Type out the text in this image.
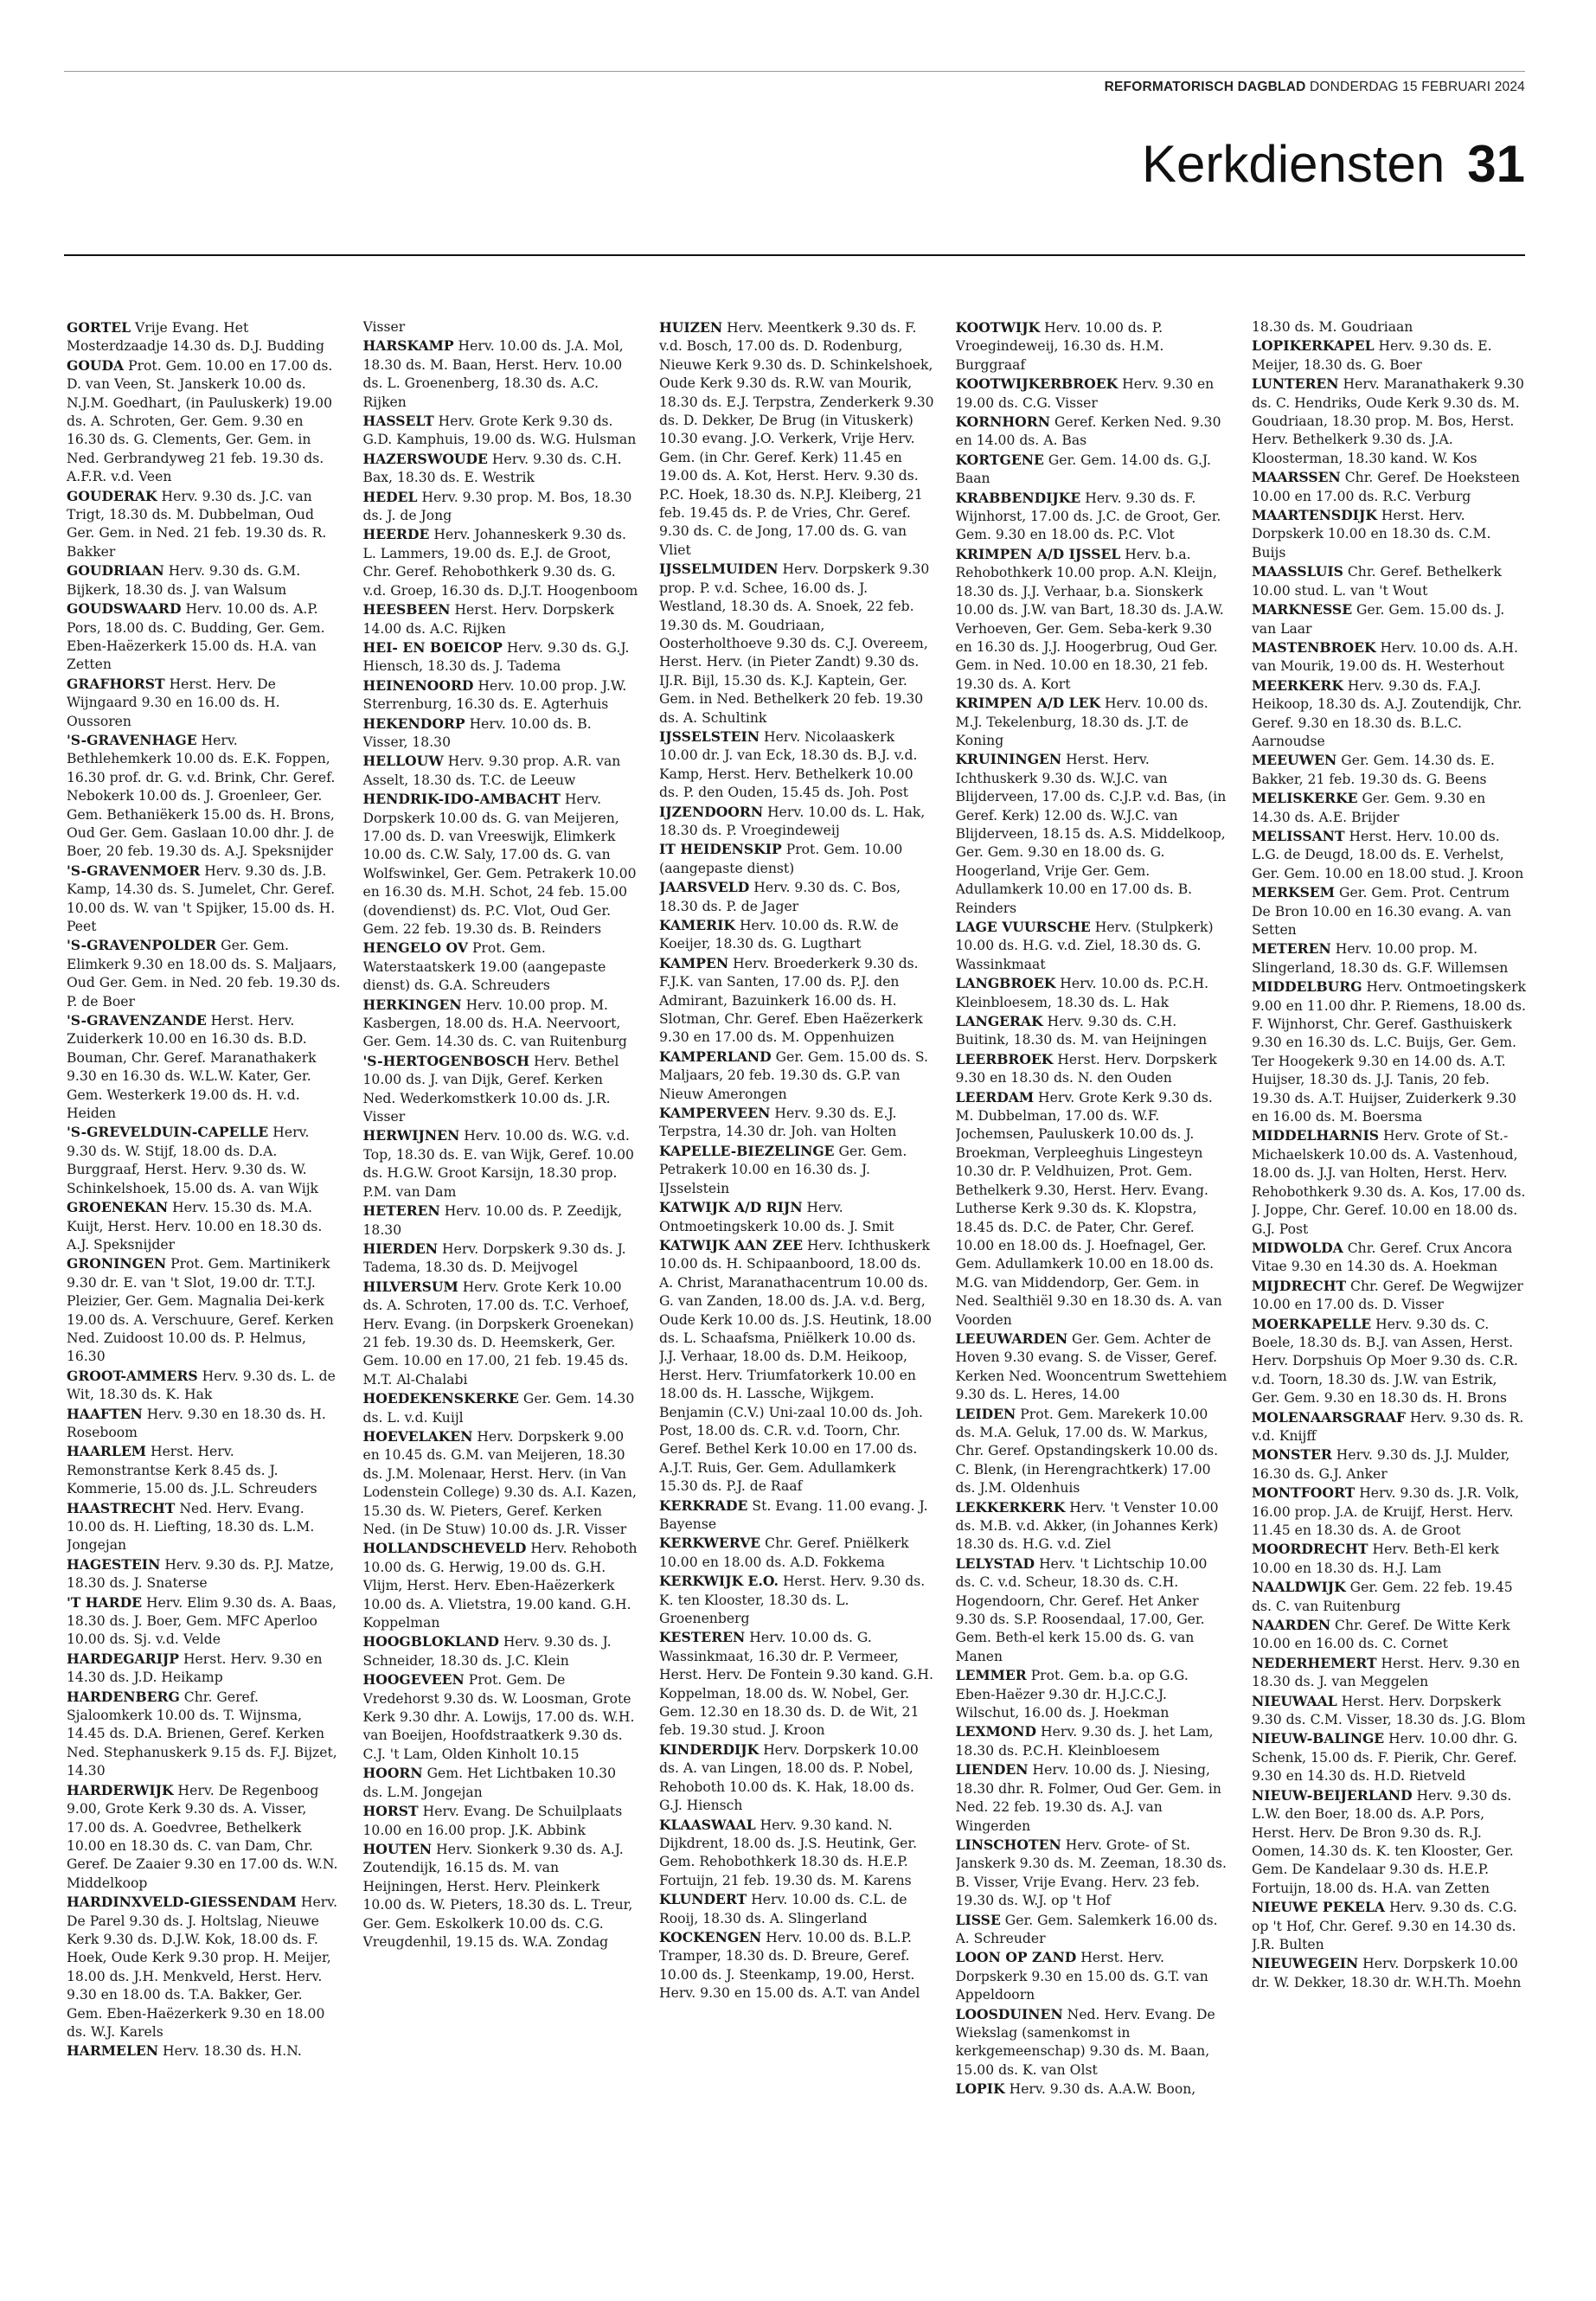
REFORMATORISCH DAGBLAD DONDERDAG 15 FEBRUARI 2024
Kerkdiensten 31

GORTEL Vrije Evang. Het Mosterdzaadje 14.30 ds. D.J. Budding

GOUDA Prot. Gem. 10.00 en 17.00 ds. D. van Veen, St. Janskerk 10.00 ds. N.J.M. Goedhart, (in Pauluskerk) 19.00 ds. A. Schroten, Ger. Gem. 9.30 en 16.30 ds. G. Clements, Ger. Gem. in Ned. Gerbrandyweg 21 feb. 19.30 ds. A.F.R. v.d. Veen

GOUDERAK Herv. 9.30 ds. J.C. van Trigt, 18.30 ds. M. Dubbelman, Oud Ger. Gem. in Ned. 21 feb. 19.30 ds. R. Bakker

GOUDRIAAN Herv. 9.30 ds. G.M. Bijkerk, 18.30 ds. J. van Walsum

GOUDSWAARD Herv. 10.00 ds. A.P. Pors, 18.00 ds. C. Budding, Ger. Gem. Eben-Haëzerkerk 15.00 ds. H.A. van Zetten

GRAFHORST Herst. Herv. De Wijngaard 9.30 en 16.00 ds. H. Oussoren

'S-GRAVENHAGE Herv. Bethlehemkerk 10.00 ds. E.K. Foppen, 16.30 prof. dr. G. v.d. Brink, Chr. Geref. Nebokerk 10.00 ds. J. Groenleer, Ger. Gem. Bethaniëkerk 15.00 ds. H. Brons, Oud Ger. Gem. Gaslaan 10.00 dhr. J. de Boer, 20 feb. 19.30 ds. A.J. Speksnijder

'S-GRAVENMOER Herv. 9.30 ds. J.B. Kamp, 14.30 ds. S. Jumelet, Chr. Geref. 10.00 ds. W. van 't Spijker, 15.00 ds. H. Peet

'S-GRAVENPOLDER Ger. Gem. Elimkerk 9.30 en 18.00 ds. S. Maljaars, Oud Ger. Gem. in Ned. 20 feb. 19.30 ds. P. de Boer

'S-GRAVENZANDE Herst. Herv. Zuiderkerk 10.00 en 16.30 ds. B.D. Bouman, Chr. Geref. Maranathakerk 9.30 en 16.30 ds. W.L.W. Kater, Ger. Gem. Westerkerk 19.00 ds. H. v.d. Heiden

'S-GREVELDUIN-CAPELLE Herv. 9.30 ds. W. Stijf, 18.00 ds. D.A. Burggraaf, Herst. Herv. 9.30 ds. W. Schinkelshoek, 15.00 ds. A. van Wijk

GROENEKAN Herv. 15.30 ds. M.A. Kuijt, Herst. Herv. 10.00 en 18.30 ds. A.J. Speksnijder

GRONINGEN Prot. Gem. Martinikerk 9.30 dr. E. van 't Slot, 19.00 dr. T.T.J. Pleizier, Ger. Gem. Magnalia Dei-kerk 19.00 ds. A. Verschuure, Geref. Kerken Ned. Zuidoost 10.00 ds. P. Helmus, 16.30

GROOT-AMMERS Herv. 9.30 ds. L. de Wit, 18.30 ds. K. Hak

HAAFTEN Herv. 9.30 en 18.30 ds. H. Roseboom

HAARLEM Herst. Herv. Remonstrantse Kerk 8.45 ds. J. Kommerie, 15.00 ds. J.L. Schreuders

HAASTRECHT Ned. Herv. Evang. 10.00 ds. H. Liefting, 18.30 ds. L.M. Jongejan

HAGESTEIN Herv. 9.30 ds. P.J. Matze, 18.30 ds. J. Snaterse

'T HARDE Herv. Elim 9.30 ds. A. Baas, 18.30 ds. J. Boer, Gem. MFC Aperloo 10.00 ds. Sj. v.d. Velde

HARDEGARIJP Herst. Herv. 9.30 en 14.30 ds. J.D. Heikamp

HARDENBERG Chr. Geref. Sjaloomkerk 10.00 ds. T. Wijnsma, 14.45 ds. D.A. Brienen, Geref. Kerken Ned. Stephanuskerk 9.15 ds. F.J. Bijzet, 14.30

HARDERWIJK Herv. De Regenboog 9.00, Grote Kerk 9.30 ds. A. Visser, 17.00 ds. A. Goedvree, Bethelkerk 10.00 en 18.30 ds. C. van Dam, Chr. Geref. De Zaaier 9.30 en 17.00 ds. W.N. Middelkoop

HARDINXVELD-GIESSENDAM Herv. De Parel 9.30 ds. J. Holtslag, Nieuwe Kerk 9.30 ds. D.J.W. Kok, 18.00 ds. F. Hoek, Oude Kerk 9.30 prop. H. Meijer, 18.00 ds. J.H. Menkveld, Herst. Herv. 9.30 en 18.00 ds. T.A. Bakker, Ger. Gem. Eben-Haëzerkerk 9.30 en 18.00 ds. W.J. Karels

HARMELEN Herv. 18.30 ds. H.N.

Visser

HARSKAMP Herv. 10.00 ds. J.A. Mol, 18.30 ds. M. Baan, Herst. Herv. 10.00 ds. L. Groenenberg, 18.30 ds. A.C. Rijken

HASSELT Herv. Grote Kerk 9.30 ds. G.D. Kamphuis, 19.00 ds. W.G. Hulsman

HAZERSWOUDE Herv. 9.30 ds. C.H. Bax, 18.30 ds. E. Westrik

HEDEL Herv. 9.30 prop. M. Bos, 18.30 ds. J. de Jong

HEERDE Herv. Johanneskerk 9.30 ds. L. Lammers, 19.00 ds. E.J. de Groot, Chr. Geref. Rehobothkerk 9.30 ds. G. v.d. Groep, 16.30 ds. D.J.T. Hoogenboom

HEESBEEN Herst. Herv. Dorpskerk 14.00 ds. A.C. Rijken

HEI- EN BOEICOP Herv. 9.30 ds. G.J. Hiensch, 18.30 ds. J. Tadema

HEINENOORD Herv. 10.00 prop. J.W. Sterrenburg, 16.30 ds. E. Agterhuis

HEKENDORP Herv. 10.00 ds. B. Visser, 18.30

HELLOUW Herv. 9.30 prop. A.R. van Asselt, 18.30 ds. T.C. de Leeuw

HENDRIK-IDO-AMBACHT Herv. Dorpskerk 10.00 ds. G. van Meijeren, 17.00 ds. D. van Vreeswijk, Elimkerk 10.00 ds. C.W. Saly, 17.00 ds. G. van Wolfswinkel, Ger. Gem. Petrakerk 10.00 en 16.30 ds. M.H. Schot, 24 feb. 15.00 (dovendienst) ds. P.C. Vlot, Oud Ger. Gem. 22 feb. 19.30 ds. B. Reinders

HENGELO OV Prot. Gem. Waterstaatskerk 19.00 (aangepaste dienst) ds. G.A. Schreuders

HERKINGEN Herv. 10.00 prop. M. Kasbergen, 18.00 ds. H.A. Neervoort, Ger. Gem. 14.30 ds. C. van Ruitenburg

'S-HERTOGENBOSCH Herv. Bethel 10.00 ds. J. van Dijk, Geref. Kerken Ned. Wederkomstkerk 10.00 ds. J.R. Visser

HERWIJNEN Herv. 10.00 ds. W.G. v.d. Top, 18.30 ds. E. van Wijk, Geref. 10.00 ds. H.G.W. Groot Karsijn, 18.30 prop. P.M. van Dam

HETEREN Herv. 10.00 ds. P. Zeedijk, 18.30

HIERDEN Herv. Dorpskerk 9.30 ds. J. Tadema, 18.30 ds. D. Meijvogel

HILVERSUM Herv. Grote Kerk 10.00 ds. A. Schroten, 17.00 ds. T.C. Verhoef, Herv. Evang. (in Dorpskerk Groenekan) 21 feb. 19.30 ds. D. Heemskerk, Ger. Gem. 10.00 en 17.00, 21 feb. 19.45 ds. M.T. Al-Chalabi

HOEDEKENSKERKE Ger. Gem. 14.30 ds. L. v.d. Kuijl

HOEVELAKEN Herv. Dorpskerk 9.00 en 10.45 ds. G.M. van Meijeren, 18.30 ds. J.M. Molenaar, Herst. Herv. (in Van Lodenstein College) 9.30 ds. A.I. Kazen, 15.30 ds. W. Pieters, Geref. Kerken Ned. (in De Stuw) 10.00 ds. J.R. Visser

HOLLANDSCHEVELD Herv. Rehoboth 10.00 ds. G. Herwig, 19.00 ds. G.H. Vlijm, Herst. Herv. Eben-Haëzerkerk 10.00 ds. A. Vlietstra, 19.00 kand. G.H. Koppelman

HOOGBLOKLAND Herv. 9.30 ds. J. Schneider, 18.30 ds. J.C. Klein

HOOGEVEEN Prot. Gem. De Vredehorst 9.30 ds. W. Loosman, Grote Kerk 9.30 dhr. A. Lowijs, 17.00 ds. W.H. van Boeijen, Hoofdstraatkerk 9.30 ds. C.J. 't Lam, Olden Kinholt 10.15

HOORN Gem. Het Lichtbaken 10.30 ds. L.M. Jongejan

HORST Herv. Evang. De Schuilplaats 10.00 en 16.00 prop. J.K. Abbink

HOUTEN Herv. Sionkerk 9.30 ds. A.J. Zoutendijk, 16.15 ds. M. van Heijningen, Herst. Herv. Pleinkerk 10.00 ds. W. Pieters, 18.30 ds. L. Treur, Ger. Gem. Eskolkerk 10.00 ds. C.G. Vreugdenhil, 19.15 ds. W.A. Zondag

HUIZEN Herv. Meentkerk 9.30 ds. F. v.d. Bosch, 17.00 ds. D. Rodenburg, Nieuwe Kerk 9.30 ds. D. Schinkelshoek, Oude Kerk 9.30 ds. R.W. van Mourik, 18.30 ds. E.J. Terpstra, Zenderkerk 9.30 ds. D. Dekker, De Brug (in Vituskerk) 10.30 evang. J.O. Verkerk, Vrije Herv. Gem. (in Chr. Geref. Kerk) 11.45 en 19.00 ds. A. Kot, Herst. Herv. 9.30 ds. P.C. Hoek, 18.30 ds. N.P.J. Kleiberg, 21 feb. 19.45 ds. P. de Vries, Chr. Geref. 9.30 ds. C. de Jong, 17.00 ds. G. van Vliet

IJSSELMUIDEN Herv. Dorpskerk 9.30 prop. P. v.d. Schee, 16.00 ds. J. Westland, 18.30 ds. A. Snoek, 22 feb. 19.30 ds. M. Goudriaan, Oosterholthoeve 9.30 ds. C.J. Overeem, Herst. Herv. (in Pieter Zandt) 9.30 ds. IJ.R. Bijl, 15.30 ds. K.J. Kaptein, Ger. Gem. in Ned. Bethelkerk 20 feb. 19.30 ds. A. Schultink

IJSSELSTEIN Herv. Nicolaaskerk 10.00 dr. J. van Eck, 18.30 ds. B.J. v.d. Kamp, Herst. Herv. Bethelkerk 10.00 ds. P. den Ouden, 15.45 ds. Joh. Post

IJZENDOORN Herv. 10.00 ds. L. Hak, 18.30 ds. P. Vroegindeweij

IT HEIDENSKIP Prot. Gem. 10.00 (aangepaste dienst)

JAARSVELD Herv. 9.30 ds. C. Bos, 18.30 ds. P. de Jager

KAMERIK Herv. 10.00 ds. R.W. de Koeijer, 18.30 ds. G. Lugthart

KAMPEN Herv. Broederkerk 9.30 ds. F.J.K. van Santen, 17.00 ds. P.J. den Admirant, Bazuinkerk 16.00 ds. H. Slotman, Chr. Geref. Eben Haëzerkerk 9.30 en 17.00 ds. M. Oppenhuizen

KAMPERLAND Ger. Gem. 15.00 ds. S. Maljaars, 20 feb. 19.30 ds. G.P. van Nieuw Amerongen

KAMPERVEEN Herv. 9.30 ds. E.J. Terpstra, 14.30 dr. Joh. van Holten

KAPELLE-BIEZELINGE Ger. Gem. Petrakerk 10.00 en 16.30 ds. J. IJsselstein

KATWIJK A/D RIJN Herv. Ontmoetingskerk 10.00 ds. J. Smit

KATWIJK AAN ZEE Herv. Ichthuskerk 10.00 ds. H. Schipaanboord, 18.00 ds. A. Christ, Maranathacentrum 10.00 ds. G. van Zanden, 18.00 ds. J.A. v.d. Berg, Oude Kerk 10.00 ds. J.S. Heutink, 18.00 ds. L. Schaafsma, Pniëlkerk 10.00 ds. J.J. Verhaar, 18.00 ds. D.M. Heikoop, Herst. Herv. Triumfatorkerk 10.00 en 18.00 ds. H. Lassche, Wijkgem. Benjamin (C.V.) Uni-zaal 10.00 ds. Joh. Post, 18.00 ds. C.R. v.d. Toorn, Chr. Geref. Bethel Kerk 10.00 en 17.00 ds. A.J.T. Ruis, Ger. Gem. Adullamkerk 15.30 ds. P.J. de Raaf

KERKRADE St. Evang. 11.00 evang. J. Bayense

KERKWERVE Chr. Geref. Pniëlkerk 10.00 en 18.00 ds. A.D. Fokkema

KERKWIJK E.O. Herst. Herv. 9.30 ds. K. ten Klooster, 18.30 ds. L. Groenenberg

KESTEREN Herv. 10.00 ds. G. Wassinkmaat, 16.30 dr. P. Vermeer, Herst. Herv. De Fontein 9.30 kand. G.H. Koppelman, 18.00 ds. W. Nobel, Ger. Gem. 12.30 en 18.30 ds. D. de Wit, 21 feb. 19.30 stud. J. Kroon

KINDERDIJK Herv. Dorpskerk 10.00 ds. A. van Lingen, 18.00 ds. P. Nobel, Rehoboth 10.00 ds. K. Hak, 18.00 ds. G.J. Hiensch

KLAASWAAL Herv. 9.30 kand. N. Dijkdrent, 18.00 ds. J.S. Heutink, Ger. Gem. Rehobothkerk 18.30 ds. H.E.P. Fortuijn, 21 feb. 19.30 ds. M. Karens

KLUNDERT Herv. 10.00 ds. C.L. de Rooij, 18.30 ds. A. Slingerland

KOCKENGEN Herv. 10.00 ds. B.L.P. Tramper, 18.30 ds. D. Breure, Geref. 10.00 ds. J. Steenkamp, 19.00, Herst. Herv. 9.30 en 15.00 ds. A.T. van Andel

KOOTWIJK Herv. 10.00 ds. P. Vroegindeweij, 16.30 ds. H.M. Burggraaf

KOOTWIJKERBROEK Herv. 9.30 en 19.00 ds. C.G. Visser

KORNHORN Geref. Kerken Ned. 9.30 en 14.00 ds. A. Bas

KORTGENE Ger. Gem. 14.00 ds. G.J. Baan

KRABBENDIJKE Herv. 9.30 ds. F. Wijnhorst, 17.00 ds. J.C. de Groot, Ger. Gem. 9.30 en 18.00 ds. P.C. Vlot

KRIMPEN A/D IJSSEL Herv. b.a. Rehobothkerk 10.00 prop. A.N. Kleijn, 18.30 ds. J.J. Verhaar, b.a. Sionskerk 10.00 ds. J.W. van Bart, 18.30 ds. J.A.W. Verhoeven, Ger. Gem. Seba-kerk 9.30 en 16.30 ds. J.J. Hoogerbrug, Oud Ger. Gem. in Ned. 10.00 en 18.30, 21 feb. 19.30 ds. A. Kort

KRIMPEN A/D LEK Herv. 10.00 ds. M.J. Tekelenburg, 18.30 ds. J.T. de Koning

KRUININGEN Herst. Herv. Ichthuskerk 9.30 ds. W.J.C. van Blijderveen, 17.00 ds. C.J.P. v.d. Bas, (in Geref. Kerk) 12.00 ds. W.J.C. van Blijderveen, 18.15 ds. A.S. Middelkoop, Ger. Gem. 9.30 en 18.00 ds. G. Hoogerland, Vrije Ger. Gem. Adullamkerk 10.00 en 17.00 ds. B. Reinders

LAGE VUURSCHE Herv. (Stulpkerk) 10.00 ds. H.G. v.d. Ziel, 18.30 ds. G. Wassinkmaat

LANGBROEK Herv. 10.00 ds. P.C.H. Kleinbloesem, 18.30 ds. L. Hak

LANGERAK Herv. 9.30 ds. C.H. Buitink, 18.30 ds. M. van Heijningen

LEERBROEK Herst. Herv. Dorpskerk 9.30 en 18.30 ds. N. den Ouden

LEERDAM Herv. Grote Kerk 9.30 ds. M. Dubbelman, 17.00 ds. W.F. Jochemsen, Pauluskerk 10.00 ds. J. Broekman, Verpleeghuis Lingesteyn 10.30 dr. P. Veldhuizen, Prot. Gem. Bethelkerk 9.30, Herst. Herv. Evang. Lutherse Kerk 9.30 ds. K. Klopstra, 18.45 ds. D.C. de Pater, Chr. Geref. 10.00 en 18.00 ds. J. Hoefnagel, Ger. Gem. Adullamkerk 10.00 en 18.00 ds. M.G. van Middendorp, Ger. Gem. in Ned. Sealthiël 9.30 en 18.30 ds. A. van Voorden

LEEUWARDEN Ger. Gem. Achter de Hoven 9.30 evang. S. de Visser, Geref. Kerken Ned. Wooncentrum Swettehiem 9.30 ds. L. Heres, 14.00

LEIDEN Prot. Gem. Marekerk 10.00 ds. M.A. Geluk, 17.00 ds. W. Markus, Chr. Geref. Opstandingskerk 10.00 ds. C. Blenk, (in Herengrachtkerk) 17.00 ds. J.M. Oldenhuis

LEKKERKERK Herv. 't Venster 10.00 ds. M.B. v.d. Akker, (in Johannes Kerk) 18.30 ds. H.G. v.d. Ziel

LELYSTAD Herv. 't Lichtschip 10.00 ds. C. v.d. Scheur, 18.30 ds. C.H. Hogendoorn, Chr. Geref. Het Anker 9.30 ds. S.P. Roosendaal, 17.00, Ger. Gem. Beth-el kerk 15.00 ds. G. van Manen

LEMMER Prot. Gem. b.a. op G.G. Eben-Haëzer 9.30 dr. H.J.C.C.J. Wilschut, 16.00 ds. J. Hoekman

LEXMOND Herv. 9.30 ds. J. het Lam, 18.30 ds. P.C.H. Kleinbloesem

LIENDEN Herv. 10.00 ds. J. Niesing, 18.30 dhr. R. Folmer, Oud Ger. Gem. in Ned. 22 feb. 19.30 ds. A.J. van Wingerden

LINSCHOTEN Herv. Grote- of St. Janskerk 9.30 ds. M. Zeeman, 18.30 ds. B. Visser, Vrije Evang. Herv. 23 feb. 19.30 ds. W.J. op 't Hof

LISSE Ger. Gem. Salemkerk 16.00 ds. A. Schreuder

LOON OP ZAND Herst. Herv. Dorpskerk 9.30 en 15.00 ds. G.T. van Appeldoorn

LOOSDUINEN Ned. Herv. Evang. De Wiekslag (samenkomst in kerkgemeenschap) 9.30 ds. M. Baan, 15.00 ds. K. van Olst

LOPIK Herv. 9.30 ds. A.A.W. Boon,

18.30 ds. M. Goudriaan

LOPIKERKAPEL Herv. 9.30 ds. E. Meijer, 18.30 ds. G. Boer

LUNTEREN Herv. Maranathakerk 9.30 ds. C. Hendriks, Oude Kerk 9.30 ds. M. Goudriaan, 18.30 prop. M. Bos, Herst. Herv. Bethelkerk 9.30 ds. J.A. Kloosterman, 18.30 kand. W. Kos

MAARSSEN Chr. Geref. De Hoeksteen 10.00 en 17.00 ds. R.C. Verburg

MAARTENSDIJK Herst. Herv. Dorpskerk 10.00 en 18.30 ds. C.M. Buijs

MAASSLUIS Chr. Geref. Bethelkerk 10.00 stud. L. van 't Wout

MARKNESSE Ger. Gem. 15.00 ds. J. van Laar

MASTENBROEK Herv. 10.00 ds. A.H. van Mourik, 19.00 ds. H. Westerhout

MEERKERK Herv. 9.30 ds. F.A.J. Heikoop, 18.30 ds. A.J. Zoutendijk, Chr. Geref. 9.30 en 18.30 ds. B.L.C. Aarnoudse

MEEUWEN Ger. Gem. 14.30 ds. E. Bakker, 21 feb. 19.30 ds. G. Beens

MELISKERKE Ger. Gem. 9.30 en 14.30 ds. A.E. Brijder

MELISSANT Herst. Herv. 10.00 ds. L.G. de Deugd, 18.00 ds. E. Verhelst, Ger. Gem. 10.00 en 18.00 stud. J. Kroon

MERKSEM Ger. Gem. Prot. Centrum De Bron 10.00 en 16.30 evang. A. van Setten

METEREN Herv. 10.00 prop. M. Slingerland, 18.30 ds. G.F. Willemsen

MIDDELBURG Herv. Ontmoetingskerk 9.00 en 11.00 dhr. P. Riemens, 18.00 ds. F. Wijnhorst, Chr. Geref. Gasthuiskerk 9.30 en 16.30 ds. L.C. Buijs, Ger. Gem. Ter Hoogekerk 9.30 en 14.00 ds. A.T. Huijser, 18.30 ds. J.J. Tanis, 20 feb. 19.30 ds. A.T. Huijser, Zuiderkerk 9.30 en 16.00 ds. M. Boersma

MIDDELHARNIS Herv. Grote of St.-Michaelskerk 10.00 ds. A. Vastenhoud, 18.00 ds. J.J. van Holten, Herst. Herv. Rehobothkerk 9.30 ds. A. Kos, 17.00 ds. J. Joppe, Chr. Geref. 10.00 en 18.00 ds. G.J. Post

MIDWOLDA Chr. Geref. Crux Ancora Vitae 9.30 en 14.30 ds. A. Hoekman

MIJDRECHT Chr. Geref. De Wegwijzer 10.00 en 17.00 ds. D. Visser

MOERKAPELLE Herv. 9.30 ds. C. Boele, 18.30 ds. B.J. van Assen, Herst. Herv. Dorpshuis Op Moer 9.30 ds. C.R. v.d. Toorn, 18.30 ds. J.W. van Estrik, Ger. Gem. 9.30 en 18.30 ds. H. Brons

MOLENAARSGRAAF Herv. 9.30 ds. R. v.d. Knijff

MONSTER Herv. 9.30 ds. J.J. Mulder, 16.30 ds. G.J. Anker

MONTFOORT Herv. 9.30 ds. J.R. Volk, 16.00 prop. J.A. de Kruijf, Herst. Herv. 11.45 en 18.30 ds. A. de Groot

MOORDRECHT Herv. Beth-El kerk 10.00 en 18.30 ds. H.J. Lam

NAALDWIJK Ger. Gem. 22 feb. 19.45 ds. C. van Ruitenburg

NAARDEN Chr. Geref. De Witte Kerk 10.00 en 16.00 ds. C. Cornet

NEDERHEMERT Herst. Herv. 9.30 en 18.30 ds. J. van Meggelen

NIEUWAAL Herst. Herv. Dorpskerk 9.30 ds. C.M. Visser, 18.30 ds. J.G. Blom

NIEUW-BALINGE Herv. 10.00 dhr. G. Schenk, 15.00 ds. F. Pierik, Chr. Geref. 9.30 en 14.30 ds. H.D. Rietveld

NIEUW-BEIJERLAND Herv. 9.30 ds. L.W. den Boer, 18.00 ds. A.P. Pors, Herst. Herv. De Bron 9.30 ds. R.J. Oomen, 14.30 ds. K. ten Klooster, Ger. Gem. De Kandelaar 9.30 ds. H.E.P. Fortuijn, 18.00 ds. H.A. van Zetten

NIEUWE PEKELA Herv. 9.30 ds. C.G. op 't Hof, Chr. Geref. 9.30 en 14.30 ds. J.R. Bulten

NIEUWEGEIN Herv. Dorpskerk 10.00 dr. W. Dekker, 18.30 dr. W.H.Th. Moehn
